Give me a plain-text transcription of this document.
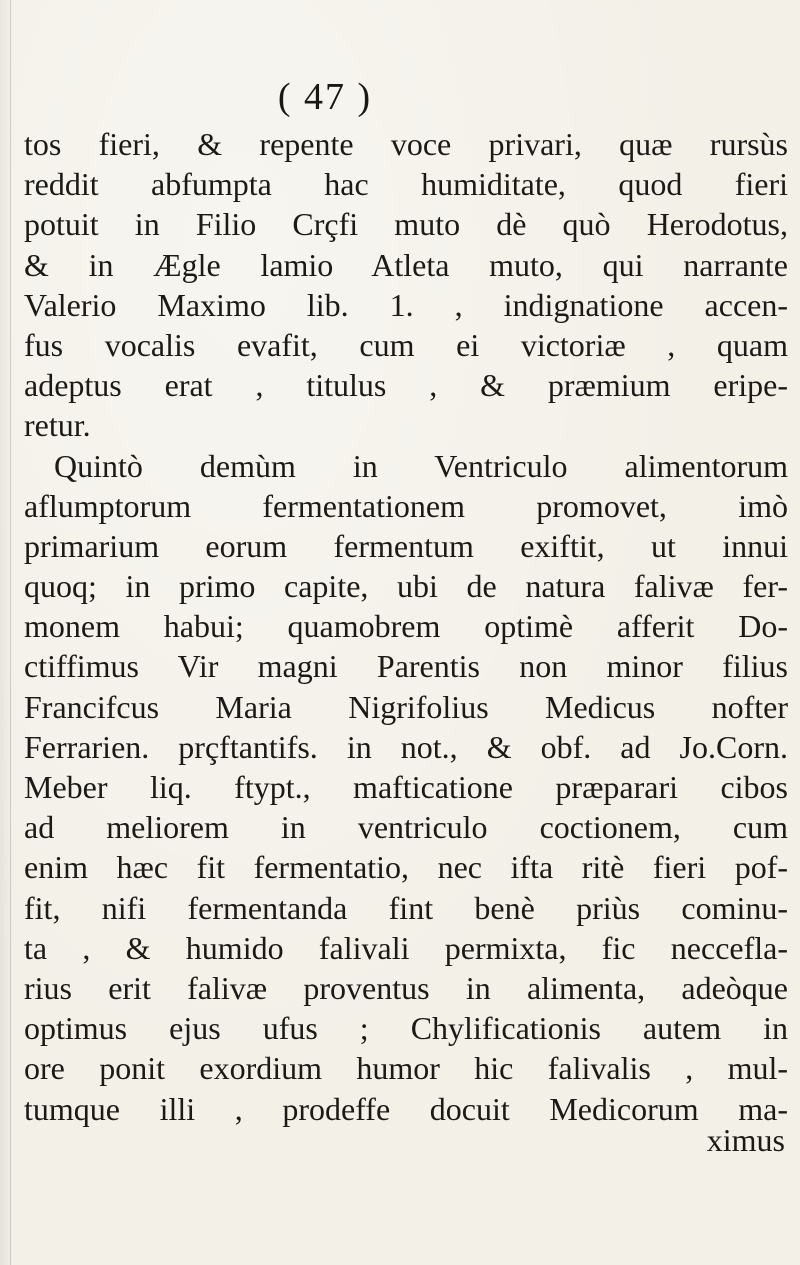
( 47 )
tos fieri, & repente voce privari, quæ rursùs
reddit abfumpta hac humiditate, quod fieri
potuit in Filio Crçfi muto dè quò Herodotus,
& in Ægle lamio Atleta muto, qui narrante
Valerio Maximo lib. 1. , indignatione accen-
fus vocalis evafit, cum ei victoriæ , quam
adeptus erat , titulus , & præmium eripe-
retur.
Quintò demùm in Ventriculo alimentorum
aflumptorum fermentationem promovet, imò
primarium eorum fermentum exiftit, ut innui
quoq; in primo capite, ubi de natura falivæ fer-
monem habui; quamobrem optimè afferit Do-
ctiffimus Vir magni Parentis non minor filius
Francifcus Maria Nigrifolius Medicus nofter
Ferrarien. prçftantifs. in not., & obf. ad Jo.Corn.
Meber liq. ftypt., mafticatione præparari cibos
ad meliorem in ventriculo coctionem, cum
enim hæc fit fermentatio, nec ifta ritè fieri pof-
fit, nifi fermentanda fint benè priùs cominu-
ta , & humido falivali permixta, fic neccefla-
rius erit falivæ proventus in alimenta, adeòque
optimus ejus ufus ; Chylificationis autem in
ore ponit exordium humor hic falivalis , mul-
tumque illi , prodeffe docuit Medicorum ma-
ximus
